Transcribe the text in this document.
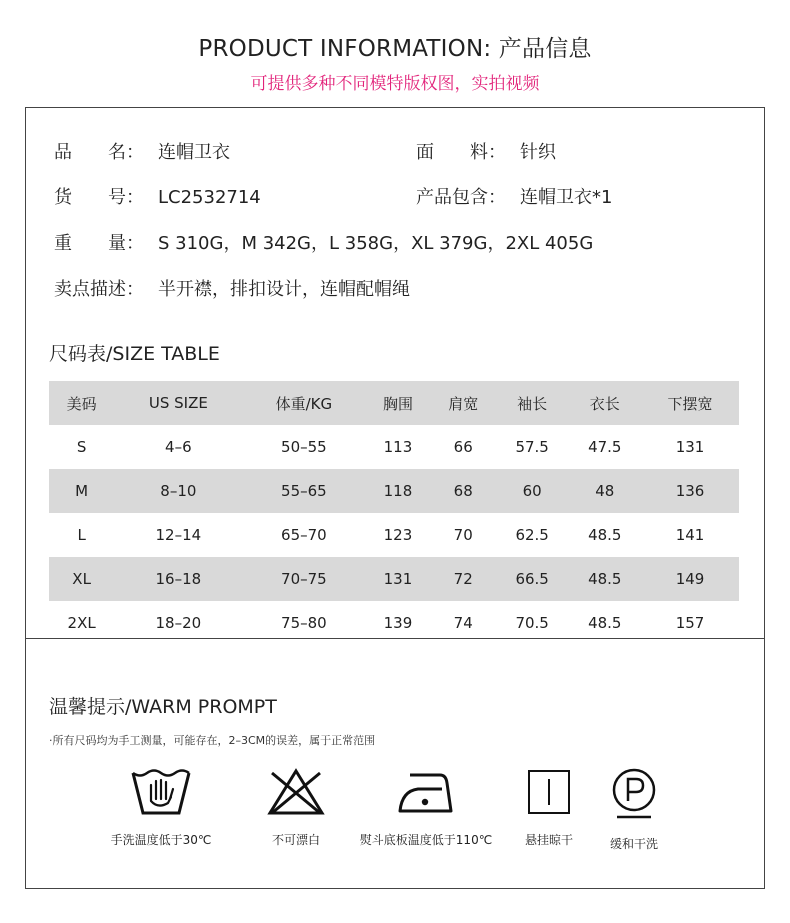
PRODUCT INFORMATION: 产品信息
可提供多种不同模特版权图，实拍视频
品　　名： 连帽卫衣	面　　料： 针织
货　　号： LC2532714	产品包含： 连帽卫衣*1
重　　量： S 310G，M 342G，L 358G，XL 379G，2XL 405G
卖点描述： 半开襟，排扣设计，连帽配帽绳
尺码表/SIZE TABLE
美码	US SIZE	体重/KG	胸围	肩宽	袖长	衣长	下摆宽
S	4–6	50–55	113	66	57.5	47.5	131
M	8–10	55–65	118	68	60	48	136
L	12–14	65–70	123	70	62.5	48.5	141
XL	16–18	70–75	131	72	66.5	48.5	149
2XL	18–20	75–80	139	74	70.5	48.5	157
温馨提示/WARM PROMPT
·所有尺码均为手工测量，可能存在，2–3CM的误差，属于正常范围
手洗温度低于30℃	不可漂白	熨斗底板温度低于110℃	悬挂晾干	缓和干洗
